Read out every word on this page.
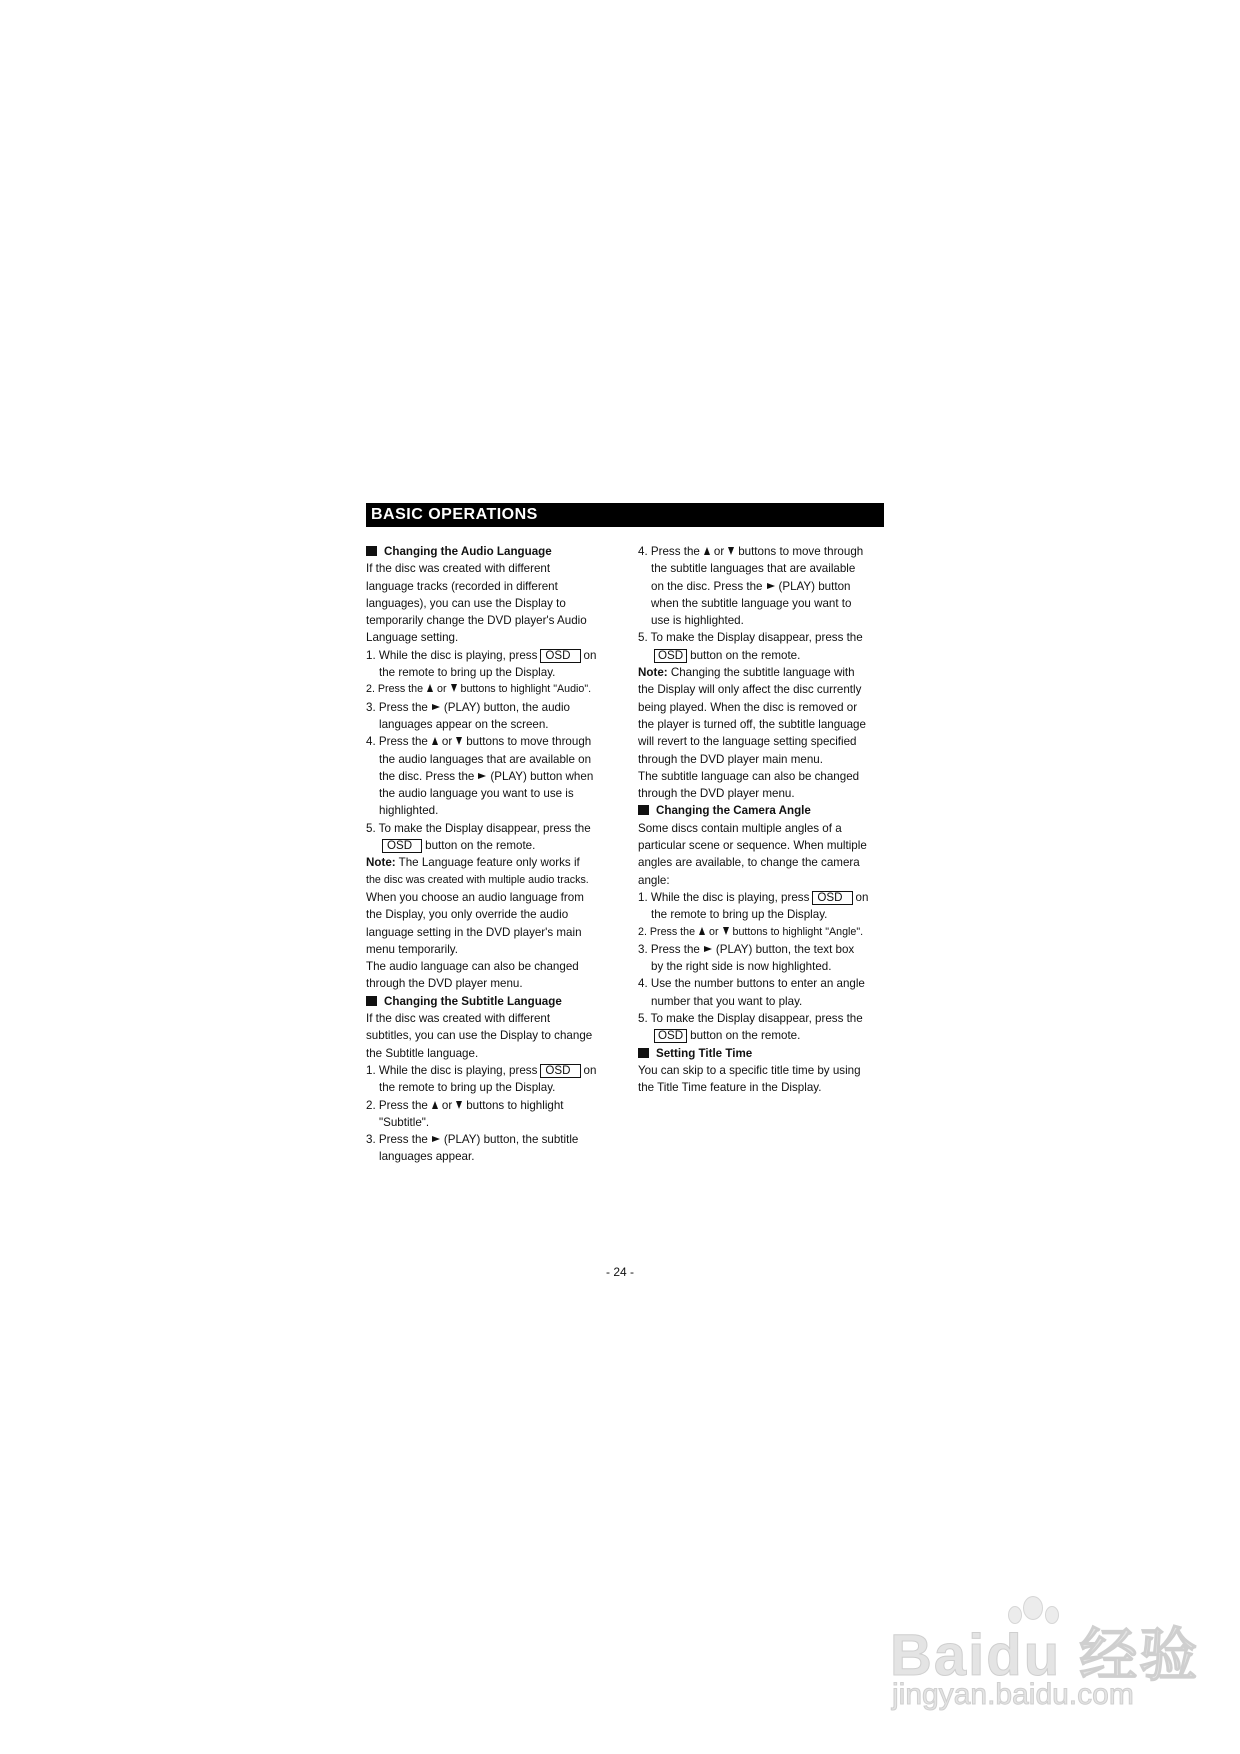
BASIC OPERATIONS
Changing the Audio Language
If the disc was created with different
language tracks (recorded in different
languages), you can use the Display to
temporarily change the DVD player's Audio
Language setting.
1. While the disc is playing, press OSD on
the remote to bring up the Display.
2. Press the or buttons to highlight "Audio".
3. Press the (PLAY) button, the audio
languages appear on the screen.
4. Press the or buttons to move through
the audio languages that are available on
the disc. Press the (PLAY) button when
the audio language you want to use is
highlighted.
5. To make the Display disappear, press the
OSD button on the remote.
Note: The Language feature only works if
the disc was created with multiple audio tracks.
When you choose an audio language from
the Display, you only override the audio
language setting in the DVD player's main
menu temporarily.
The audio language can also be changed
through the DVD player menu.
Changing the Subtitle Language
If the disc was created with different
subtitles, you can use the Display to change
the Subtitle language.
1. While the disc is playing, press OSD on
the remote to bring up the Display.
2. Press the or buttons to highlight
"Subtitle".
3. Press the (PLAY) button, the subtitle
languages appear.
4. Press the or buttons to move through
the subtitle languages that are available
on the disc. Press the (PLAY) button
when the subtitle language you want to
use is highlighted.
5. To make the Display disappear, press the
OSD button on the remote.
Note: Changing the subtitle language with
the Display will only affect the disc currently
being played. When the disc is removed or
the player is turned off, the subtitle language
will revert to the language setting specified
through the DVD player main menu.
The subtitle language can also be changed
through the DVD player menu.
Changing the Camera Angle
Some discs contain multiple angles of a
particular scene or sequence. When multiple
angles are available, to change the camera
angle:
1. While the disc is playing, press OSD on
the remote to bring up the Display.
2. Press the or buttons to highlight "Angle".
3. Press the (PLAY) button, the text box
by the right side is now highlighted.
4. Use the number buttons to enter an angle
number that you want to play.
5. To make the Display disappear, press the
OSD button on the remote.
Setting Title Time
You can skip to a specific title time by using
the Title Time feature in the Display.
- 24 -
Baidu 经验
jingyan.baidu.com
